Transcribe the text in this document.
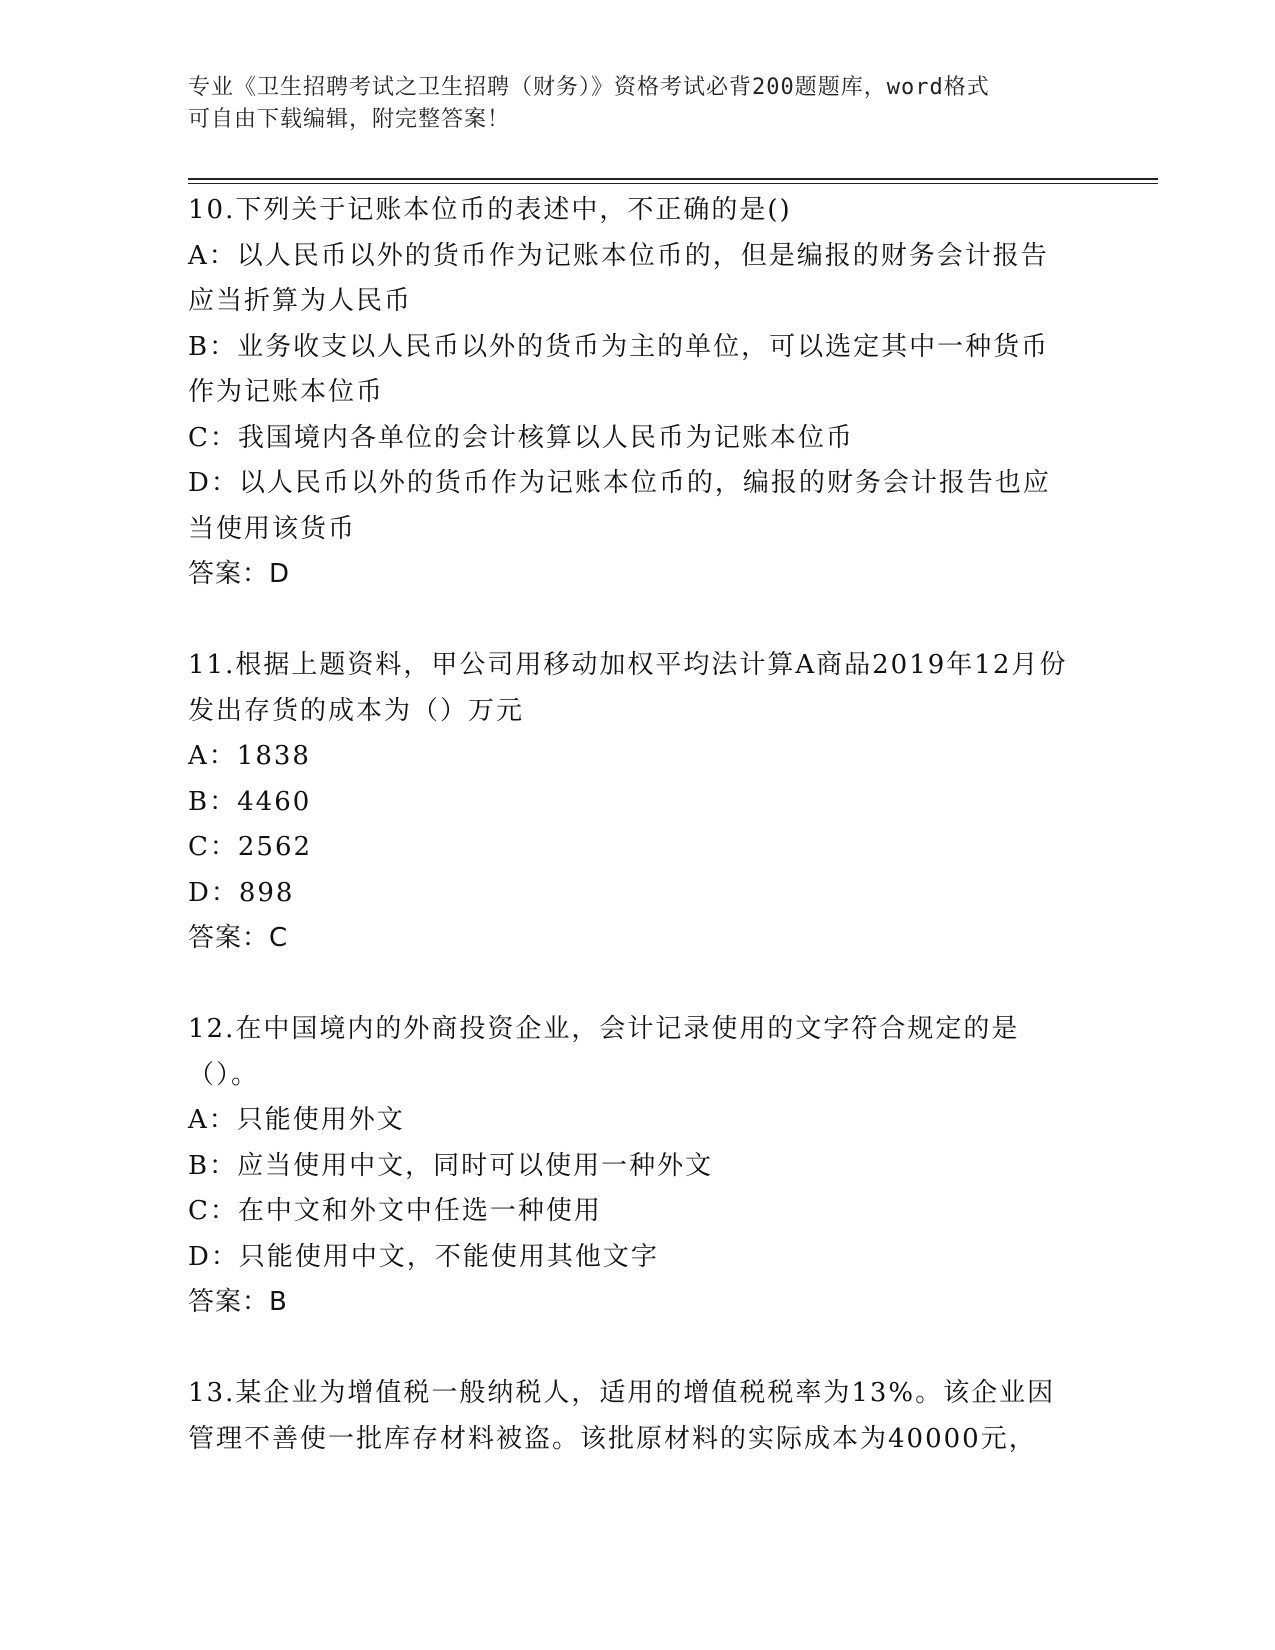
专业《卫生招聘考试之卫生招聘（财务）》资格考试必背200题题库，word格式
可自由下载编辑，附完整答案！
10.下列关于记账本位币的表述中，不正确的是()
A：以人民币以外的货币作为记账本位币的，但是编报的财务会计报告应当折算为人民币
B：业务收支以人民币以外的货币为主的单位，可以选定其中一种货币作为记账本位币
C：我国境内各单位的会计核算以人民币为记账本位币
D：以人民币以外的货币作为记账本位币的，编报的财务会计报告也应当使用该货币
答案：D
11.根据上题资料，甲公司用移动加权平均法计算A商品2019年12月份发出存货的成本为（）万元
A：1838
B：4460
C：2562
D：898
答案：C
12.在中国境内的外商投资企业，会计记录使用的文字符合规定的是（）。
A：只能使用外文
B：应当使用中文，同时可以使用一种外文
C：在中文和外文中任选一种使用
D：只能使用中文，不能使用其他文字
答案：B
13.某企业为增值税一般纳税人，适用的增值税税率为13%。该企业因管理不善使一批库存材料被盗。该批原材料的实际成本为40000元，
